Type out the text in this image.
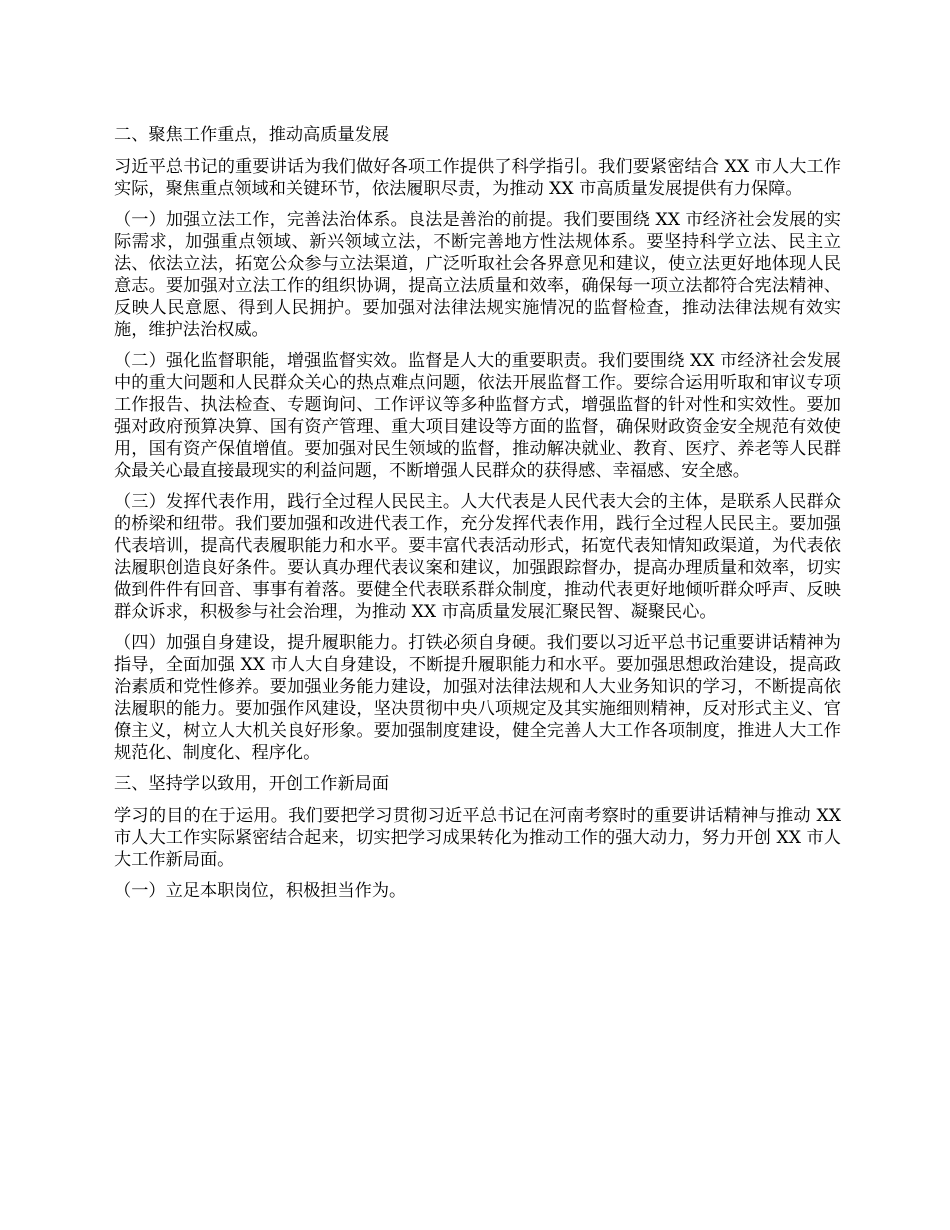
二、聚焦工作重点，推动高质量发展
习近平总书记的重要讲话为我们做好各项工作提供了科学指引。我们要紧密结合 XX 市人大工作实际，聚焦重点领域和关键环节，依法履职尽责，为推动 XX 市高质量发展提供有力保障。
（一）加强立法工作，完善法治体系。良法是善治的前提。我们要围绕 XX 市经济社会发展的实际需求，加强重点领域、新兴领域立法，不断完善地方性法规体系。要坚持科学立法、民主立法、依法立法，拓宽公众参与立法渠道，广泛听取社会各界意见和建议，使立法更好地体现人民意志。要加强对立法工作的组织协调，提高立法质量和效率，确保每一项立法都符合宪法精神、反映人民意愿、得到人民拥护。要加强对法律法规实施情况的监督检查，推动法律法规有效实施，维护法治权威。
（二）强化监督职能，增强监督实效。监督是人大的重要职责。我们要围绕 XX 市经济社会发展中的重大问题和人民群众关心的热点难点问题，依法开展监督工作。要综合运用听取和审议专项工作报告、执法检查、专题询问、工作评议等多种监督方式，增强监督的针对性和实效性。要加强对政府预算决算、国有资产管理、重大项目建设等方面的监督，确保财政资金安全规范有效使用，国有资产保值增值。要加强对民生领域的监督，推动解决就业、教育、医疗、养老等人民群众最关心最直接最现实的利益问题，不断增强人民群众的获得感、幸福感、安全感。
（三）发挥代表作用，践行全过程人民民主。人大代表是人民代表大会的主体，是联系人民群众的桥梁和纽带。我们要加强和改进代表工作，充分发挥代表作用，践行全过程人民民主。要加强代表培训，提高代表履职能力和水平。要丰富代表活动形式，拓宽代表知情知政渠道，为代表依法履职创造良好条件。要认真办理代表议案和建议，加强跟踪督办，提高办理质量和效率，切实做到件件有回音、事事有着落。要健全代表联系群众制度，推动代表更好地倾听群众呼声、反映群众诉求，积极参与社会治理，为推动 XX 市高质量发展汇聚民智、凝聚民心。
（四）加强自身建设，提升履职能力。打铁必须自身硬。我们要以习近平总书记重要讲话精神为指导，全面加强 XX 市人大自身建设，不断提升履职能力和水平。要加强思想政治建设，提高政治素质和党性修养。要加强业务能力建设，加强对法律法规和人大业务知识的学习，不断提高依法履职的能力。要加强作风建设，坚决贯彻中央八项规定及其实施细则精神，反对形式主义、官僚主义，树立人大机关良好形象。要加强制度建设，健全完善人大工作各项制度，推进人大工作规范化、制度化、程序化。
三、坚持学以致用，开创工作新局面
学习的目的在于运用。我们要把学习贯彻习近平总书记在河南考察时的重要讲话精神与推动 XX 市人大工作实际紧密结合起来，切实把学习成果转化为推动工作的强大动力，努力开创 XX 市人大工作新局面。
（一）立足本职岗位，积极担当作为。
